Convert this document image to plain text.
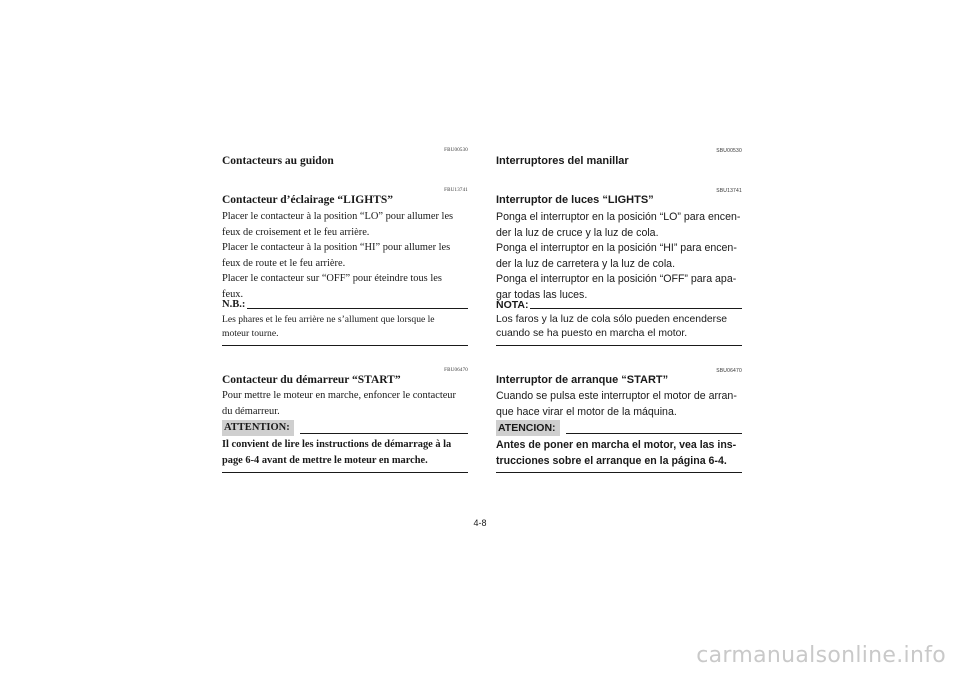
FBU00530
Contacteurs au guidon
FBU13741
Contacteur d’éclairage “LIGHTS”

Placer le contacteur à la position “LO” pour allumer les

feux de croisement et le feu arrière.

Placer le contacteur à la position “HI” pour allumer les

feux de route et le feu arrière.

Placer le contacteur sur “OFF” pour éteindre tous les

feux.

N.B.:

Les phares et le feu arrière ne s’allument que lorsque le

moteur tourne.

FBU06470
Contacteur du démarreur “START”

Pour mettre le moteur en marche, enfoncer le contacteur

du démarreur.

ATTENTION:

Il convient de lire les instructions de démarrage à la

page 6-4 avant de mettre le moteur en marche.

SBU00530
Interruptores del manillar
SBU13741
Interruptor de luces “LIGHTS”

Ponga el interruptor en la posición “LO” para encen-

der la luz de cruce y la luz de cola.

Ponga el interruptor en la posición “HI” para encen-

der la luz de carretera y la luz de cola.

Ponga el interruptor en la posición “OFF” para apa-

gar todas las luces.

NOTA:

Los faros y la luz de cola sólo pueden encenderse

cuando se ha puesto en marcha el motor.

SBU06470
Interruptor de arranque “START”

Cuando se pulsa este interruptor el motor de arran-

que hace virar el motor de la máquina.

ATENCION:

Antes de poner en marcha el motor, vea las ins-

trucciones sobre el arranque en la página 6-4.

4-8
carmanualsonline.info
